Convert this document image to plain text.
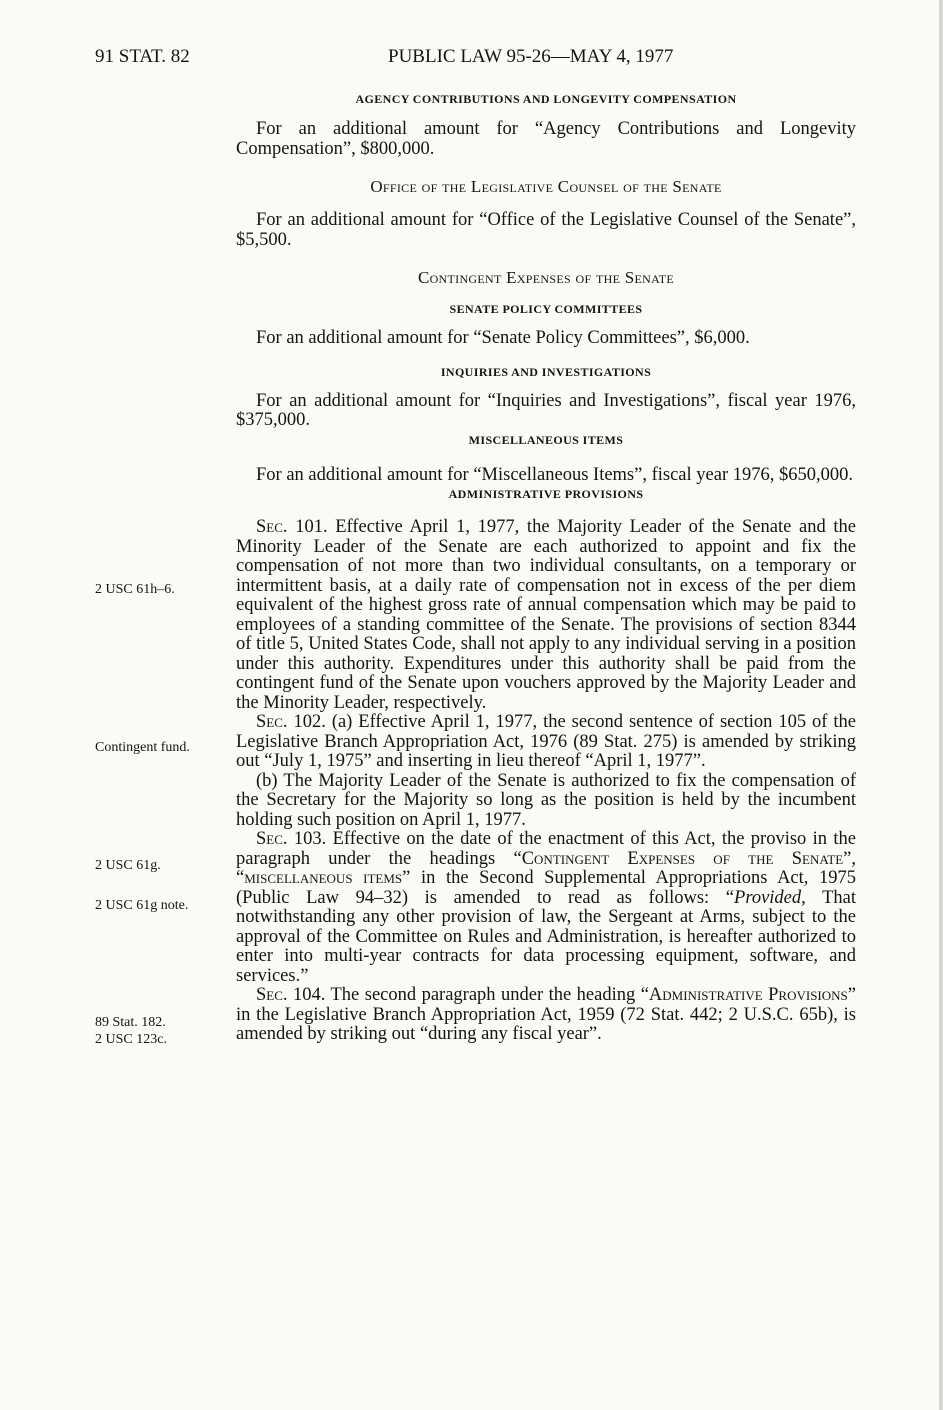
91 STAT. 82	PUBLIC LAW 95-26—MAY 4, 1977
2 USC 61h–6.
Contingent fund.
2 USC 61g.
2 USC 61g note.
89 Stat. 182.
2 USC 123c.
AGENCY CONTRIBUTIONS AND LONGEVITY COMPENSATION

For an additional amount for “Agency Contributions and Longevity Compensation”, $800,000.

Office of the Legislative Counsel of the Senate

For an additional amount for “Office of the Legislative Counsel of the Senate”, $5,500.

Contingent Expenses of the Senate
SENATE POLICY COMMITTEES

For an additional amount for “Senate Policy Committees”, $6,000.

INQUIRIES AND INVESTIGATIONS

For an additional amount for “Inquiries and Investigations”, fiscal year 1976, $375,000.

MISCELLANEOUS ITEMS

For an additional amount for “Miscellaneous Items”, fiscal year 1976, $650,000.

ADMINISTRATIVE PROVISIONS

Sec. 101. Effective April 1, 1977, the Majority Leader of the Senate and the Minority Leader of the Senate are each authorized to appoint and fix the compensation of not more than two individual consultants, on a temporary or intermittent basis, at a daily rate of compensation not in excess of the per diem equivalent of the highest gross rate of annual compensation which may be paid to employees of a standing committee of the Senate. The provisions of section 8344 of title 5, United States Code, shall not apply to any individual serving in a position under this authority. Expenditures under this authority shall be paid from the contingent fund of the Senate upon vouchers approved by the Majority Leader and the Minority Leader, respectively.

Sec. 102. (a) Effective April 1, 1977, the second sentence of section 105 of the Legislative Branch Appropriation Act, 1976 (89 Stat. 275) is amended by striking out “July 1, 1975” and inserting in lieu thereof “April 1, 1977”.

(b) The Majority Leader of the Senate is authorized to fix the compensation of the Secretary for the Majority so long as the position is held by the incumbent holding such position on April 1, 1977.

Sec. 103. Effective on the date of the enactment of this Act, the proviso in the paragraph under the headings “Contingent Expenses of the Senate”, “miscellaneous items” in the Second Supplemental Appropriations Act, 1975 (Public Law 94–32) is amended to read as follows: “Provided, That notwithstanding any other provision of law, the Sergeant at Arms, subject to the approval of the Committee on Rules and Administration, is hereafter authorized to enter into multi-year contracts for data processing equipment, software, and services.”

Sec. 104. The second paragraph under the heading “Administrative Provisions” in the Legislative Branch Appropriation Act, 1959 (72 Stat. 442; 2 U.S.C. 65b), is amended by striking out “during any fiscal year”.
